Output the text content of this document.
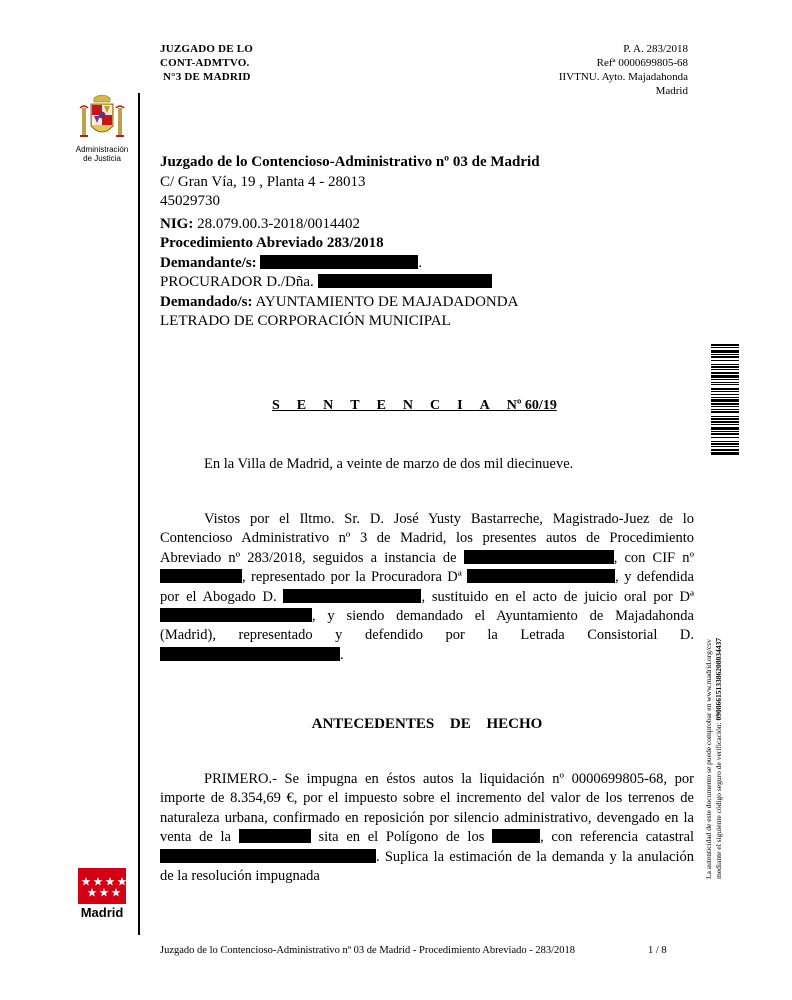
JUZGADO DE LO
CONT-ADMTVO.
N°3 DE MADRID
P. A. 283/2018
Refª 0000699805-68
IIVTNU. Ayto. Majadahonda
Madrid
Administración
de Justicia	Juzgado de lo Contencioso-Administrativo nº 03 de Madrid
C/ Gran Vía, 19 , Planta 4 - 28013
45029730
NIG: 28.079.00.3-2018/0014402
Procedimiento Abreviado 283/2018
Demandante/s:	.
PROCURADOR D./Dña.
Demandado/s: AYUNTAMIENTO DE MAJADADONDA
LETRADO DE CORPORACIÓN MUNICIPAL
SENTENCIANº 60/19
En la Villa de Madrid, a veinte de marzo de dos mil diecinueve.
Vistos por el Iltmo. Sr. D. José Yusty Bastarreche, Magistrado-Juez de lo Contencioso Administrativo nº 3 de Madrid, los presentes autos de Procedimiento Abreviado nº 283/2018, seguidos a instancia de	, con CIF nº , representado por la Procuradora Dª	, y defendida por el Abogado D.	, sustituido en el acto de juicio oral por Dª , y siendo demandado el Ayuntamiento de Majadahonda (Madrid), representado y defendido por la Letrada Consistorial D. .
ANTECEDENTES DE HECHO
PRIMERO.- Se impugna en éstos autos la liquidación nº 0000699805-68, por importe de 8.354,69 €, por el impuesto sobre el incremento del valor de los terrenos de naturaleza urbana, confirmado en reposición por silencio administrativo, devengado en la venta de la	sita en el Polígono de los	, con referencia catastral . Suplica la estimación de la demanda y la anulación de la resolución impugnada	La autenticidad de este documento se puede comprobar en www.madrid.org/csv mediante el siguiente código seguro de verificación: 0908661513386208034437
Madrid
Juzgado de lo Contencioso-Administrativo nº 03 de Madrid - Procedimiento Abreviado - 283/2018	1 / 8
